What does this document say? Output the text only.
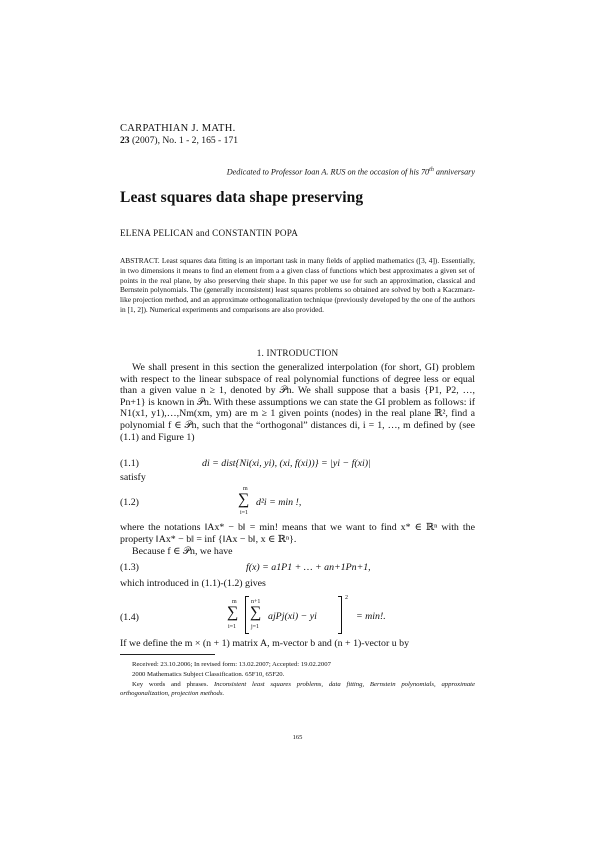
CARPATHIAN J. MATH.
23 (2007), No. 1 - 2, 165 - 171
Dedicated to Professor Ioan A. RUS on the occasion of his 70th anniversary
Least squares data shape preserving
ELENA PELICAN and CONSTANTIN POPA
ABSTRACT. Least squares data fitting is an important task in many fields of applied mathematics ([3, 4]). Essentially, in two dimensions it means to find an element from a a given class of functions which best approximates a given set of points in the real plane, by also preserving their shape. In this paper we use for such an approximation, classical and Bernstein polynomials. The (generally inconsistent) least squares problems so obtained are solved by both a Kaczmarz-like projection method, and an approximate orthogonalization technique (previously developed by the one of the authors in [1, 2]). Numerical experiments and comparisons are also provided.
1. INTRODUCTION
We shall present in this section the generalized interpolation (for short, GI) problem with respect to the linear subspace of real polynomial functions of degree less or equal than a given value n ≥ 1, denoted by 𝒫n. We shall suppose that a basis {P1, P2, …, Pn+1} is known in 𝒫n. With these assumptions we can state the GI problem as follows: if N1(x1, y1),…,Nm(xm, ym) are m ≥ 1 given points (nodes) in the real plane ℝ², find a polynomial f ∈ 𝒫n, such that the “orthogonal” distances di, i = 1, …, m defined by (see (1.1) and Figure 1)
(1.1)	di = dist{Ni(xi, yi), (xi, f(xi))} = |yi − f(xi)|
satisfy
(1.2)
m
∑
i=1
d²i = min !,
where the notations ‖Ax* − b‖ = min! means that we want to find x* ∈ ℝⁿ with the property ‖Ax* − b‖ = inf {‖Ax − b‖, x ∈ ℝⁿ}.
Because f ∈ 𝒫n, we have
(1.3)	f(x) = a1P1 + … + an+1Pn+1,
which introduced in (1.1)-(1.2) gives
(1.4)
m
∑
i=1
n+1
∑
j=1
ajPj(xi) − yi
2
= min!.
If we define the m × (n + 1) matrix A, m-vector b and (n + 1)-vector u by
Received: 23.10.2006; In revised form: 13.02.2007; Accepted: 19.02.2007
2000 Mathematics Subject Classification. 65F10, 65F20.
Key words and phrases. Inconsistent least squares problems, data fitting, Bernstein polynomials, approximate orthogonalization, projection methods.
165
